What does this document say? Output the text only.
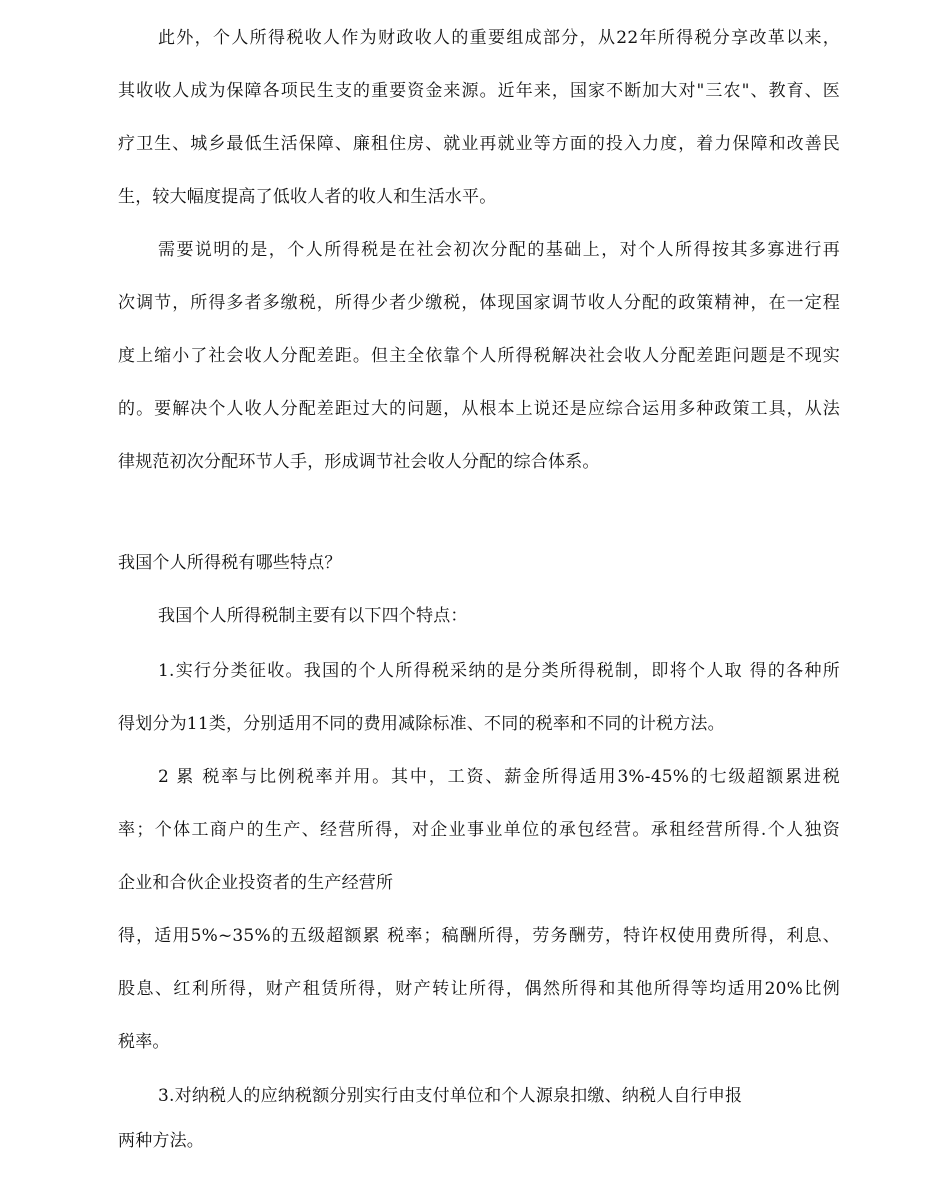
此外，个人所得税收人作为财政收人的重要组成部分，从22年所得税分享改革以来，
其收收人成为保障各项民生支的重要资金来源。近年来，国家不断加大对"三农"、教育、医
疗卫生、城乡最低生活保障、廉租住房、就业再就业等方面的投入力度，着力保障和改善民
生，较大幅度提高了低收人者的收人和生活水平。
需要说明的是，个人所得税是在社会初次分配的基础上，对个人所得按其多寡进行再
次调节，所得多者多缴税，所得少者少缴税，体现国家调节收人分配的政策精神，在一定程
度上缩小了社会收人分配差距。但主全依靠个人所得税解决社会收人分配差距问题是不现实
的。要解决个人收人分配差距过大的问题，从根本上说还是应综合运用多种政策工具，从法
律规范初次分配环节人手，形成调节社会收人分配的综合体系。
我国个人所得税有哪些特点？
我国个人所得税制主要有以下四个特点：
1.实行分类征收。我国的个人所得税采纳的是分类所得税制，即将个人取 得的各种所
得划分为11类，分别适用不同的费用减除标准、不同的税率和不同的计税方法。
2 累 税率与比例税率并用。其中，工资、薪金所得适用3%-45%的七级超额累进税
率；个体工商户的生产、经营所得，对企业事业单位的承包经营。承租经营所得.个人独资
企业和合伙企业投资者的生产经营所
得，适用5%~35%的五级超额累 税率；稿酬所得，劳务酬劳，特许权使用费所得，利息、
股息、红利所得，财产租赁所得，财产转让所得，偶然所得和其他所得等均适用20%比例
税率。
3.对纳税人的应纳税额分别实行由支付单位和个人源泉扣缴、纳税人自行申报
两种方法。
